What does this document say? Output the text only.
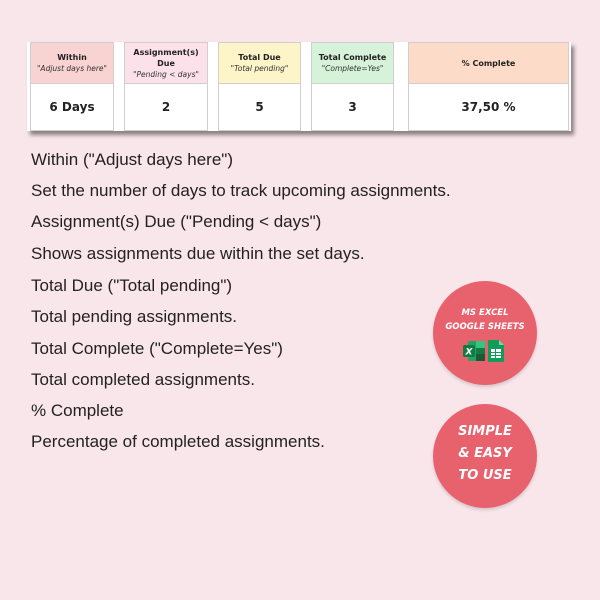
Within
"Adjust days here"
6 Days
Assignment(s) Due
"Pending < days"
2
Total Due
"Total pending"
5
Total Complete
"Complete=Yes"
3
% Complete
37,50 %
Within ("Adjust days here")
Set the number of days to track upcoming assignments.
Assignment(s) Due ("Pending < days")
Shows assignments due within the set days.
Total Due ("Total pending")
Total pending assignments.
Total Complete ("Complete=Yes")
Total completed assignments.
% Complete
Percentage of completed assignments.
MS EXCEL
GOOGLE SHEETS
X
SIMPLE
& EASY
TO USE
